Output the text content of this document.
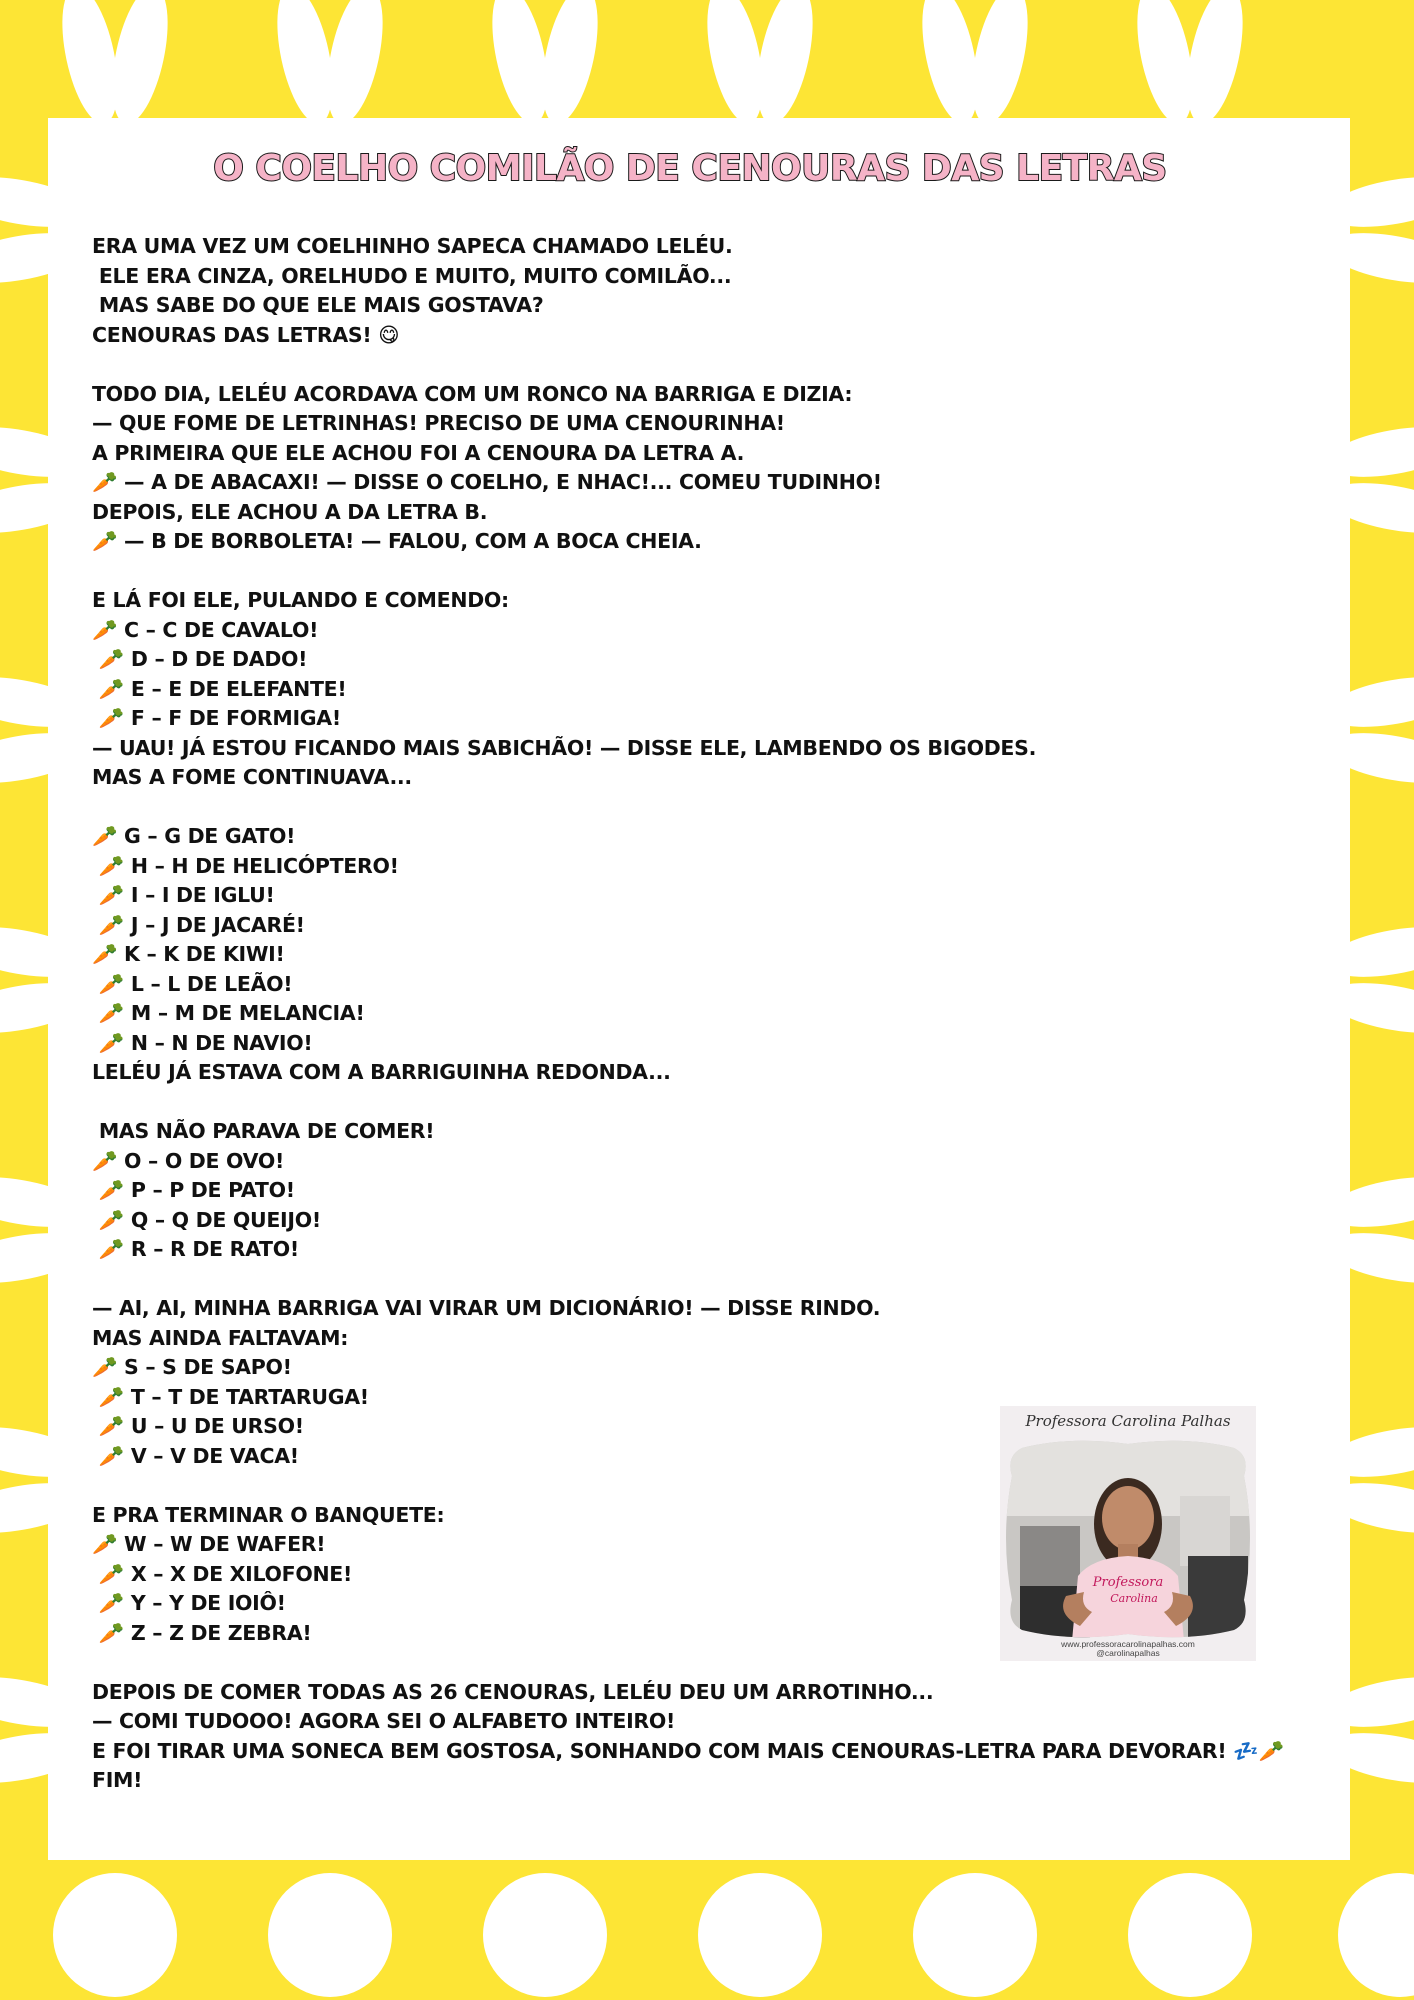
O COELHO COMILÃO DE CENOURAS DAS LETRAS
ERA UMA VEZ UM COELHINHO SAPECA CHAMADO LELÉU.
ELE ERA CINZA, ORELHUDO E MUITO, MUITO COMILÃO...
MAS SABE DO QUE ELE MAIS GOSTAVA?
CENOURAS DAS LETRAS! 😋
TODO DIA, LELÉU ACORDAVA COM UM RONCO NA BARRIGA E DIZIA:
— QUE FOME DE LETRINHAS! PRECISO DE UMA CENOURINHA!
A PRIMEIRA QUE ELE ACHOU FOI A CENOURA DA LETRA A.
🥕 — A DE ABACAXI! — DISSE O COELHO, E NHAC!... COMEU TUDINHO!
DEPOIS, ELE ACHOU A DA LETRA B.
🥕 — B DE BORBOLETA! — FALOU, COM A BOCA CHEIA.
E LÁ FOI ELE, PULANDO E COMENDO:
🥕 C – C DE CAVALO!
🥕 D – D DE DADO!
🥕 E – E DE ELEFANTE!
🥕 F – F DE FORMIGA!
— UAU! JÁ ESTOU FICANDO MAIS SABICHÃO! — DISSE ELE, LAMBENDO OS BIGODES.
MAS A FOME CONTINUAVA...
🥕 G – G DE GATO!
🥕 H – H DE HELICÓPTERO!
🥕 I – I DE IGLU!
🥕 J – J DE JACARÉ!
🥕 K – K DE KIWI!
🥕 L – L DE LEÃO!
🥕 M – M DE MELANCIA!
🥕 N – N DE NAVIO!
LELÉU JÁ ESTAVA COM A BARRIGUINHA REDONDA...
MAS NÃO PARAVA DE COMER!
🥕 O – O DE OVO!
🥕 P – P DE PATO!
🥕 Q – Q DE QUEIJO!
🥕 R – R DE RATO!
— AI, AI, MINHA BARRIGA VAI VIRAR UM DICIONÁRIO! — DISSE RINDO.
MAS AINDA FALTAVAM:
🥕 S – S DE SAPO!
🥕 T – T DE TARTARUGA!
🥕 U – U DE URSO!
🥕 V – V DE VACA!
E PRA TERMINAR O BANQUETE:
🥕 W – W DE WAFER!
🥕 X – X DE XILOFONE!
🥕 Y – Y DE IOIÔ!
🥕 Z – Z DE ZEBRA!
DEPOIS DE COMER TODAS AS 26 CENOURAS, LELÉU DEU UM ARROTINHO...
— COMI TUDOOO! AGORA SEI O ALFABETO INTEIRO!
E FOI TIRAR UMA SONECA BEM GOSTOSA, SONHANDO COM MAIS CENOURAS-LETRA PARA DEVORAR! 💤🥕
FIM!
Professora Carolina Palhas
Professora
Carolina
www.professoracarolinapalhas.com
@carolinapalhas
